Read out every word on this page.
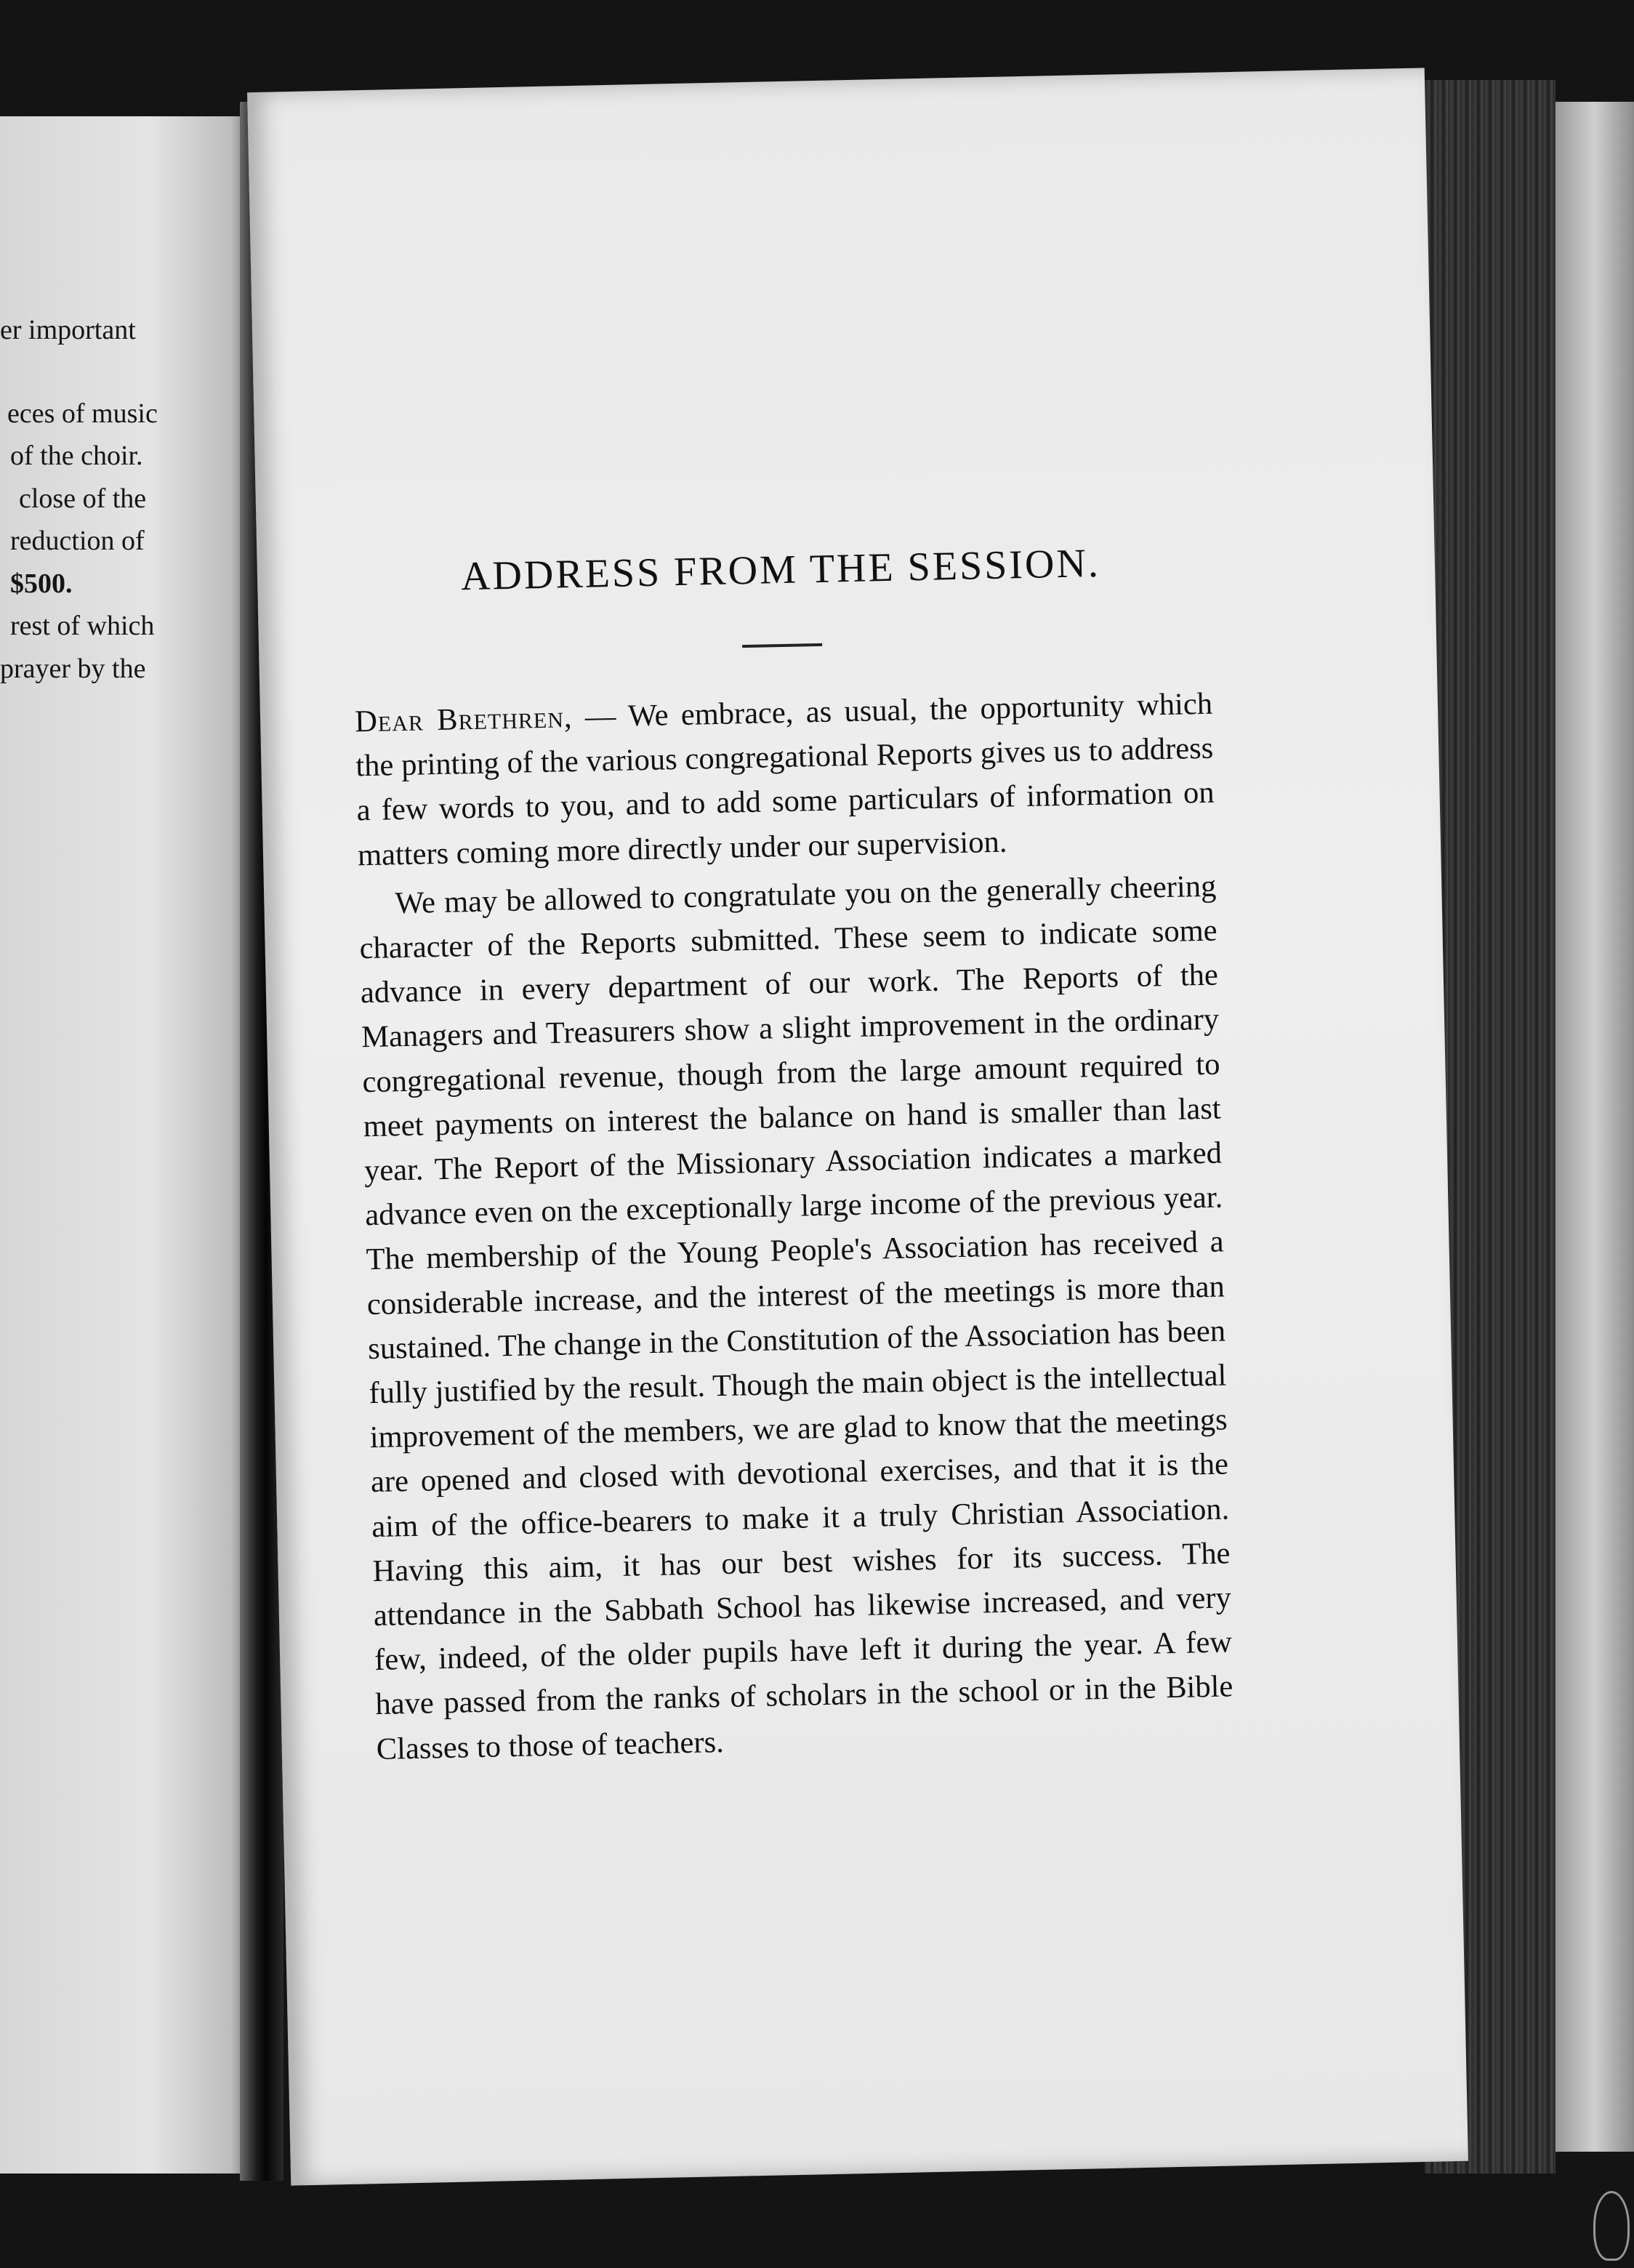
er important
eces of music
of the choir.
close of the
reduction of
$500.
rest of which
prayer by the
ADDRESS FROM THE SESSION.

Dear Brethren, — We embrace, as usual, the opportunity which the printing of the various congregational Reports gives us to address a few words to you, and to add some particulars of information on matters coming more directly under our supervision.

We may be allowed to congratulate you on the generally cheering character of the Reports submitted. These seem to indicate some advance in every department of our work. The Reports of the Managers and Treasurers show a slight improvement in the ordinary congregational revenue, though from the large amount required to meet payments on interest the balance on hand is smaller than last year. The Report of the Missionary Association indicates a marked advance even on the exceptionally large income of the previous year. The membership of the Young People's Association has received a considerable increase, and the interest of the meetings is more than sustained. The change in the Constitution of the Association has been fully justified by the result. Though the main object is the intellectual improvement of the members, we are glad to know that the meetings are opened and closed with devotional exercises, and that it is the aim of the office-bearers to make it a truly Christian Association. Having this aim, it has our best wishes for its success. The attendance in the Sabbath School has likewise increased, and very few, indeed, of the older pupils have left it during the year. A few have passed from the ranks of scholars in the school or in the Bible Classes to those of teachers.
